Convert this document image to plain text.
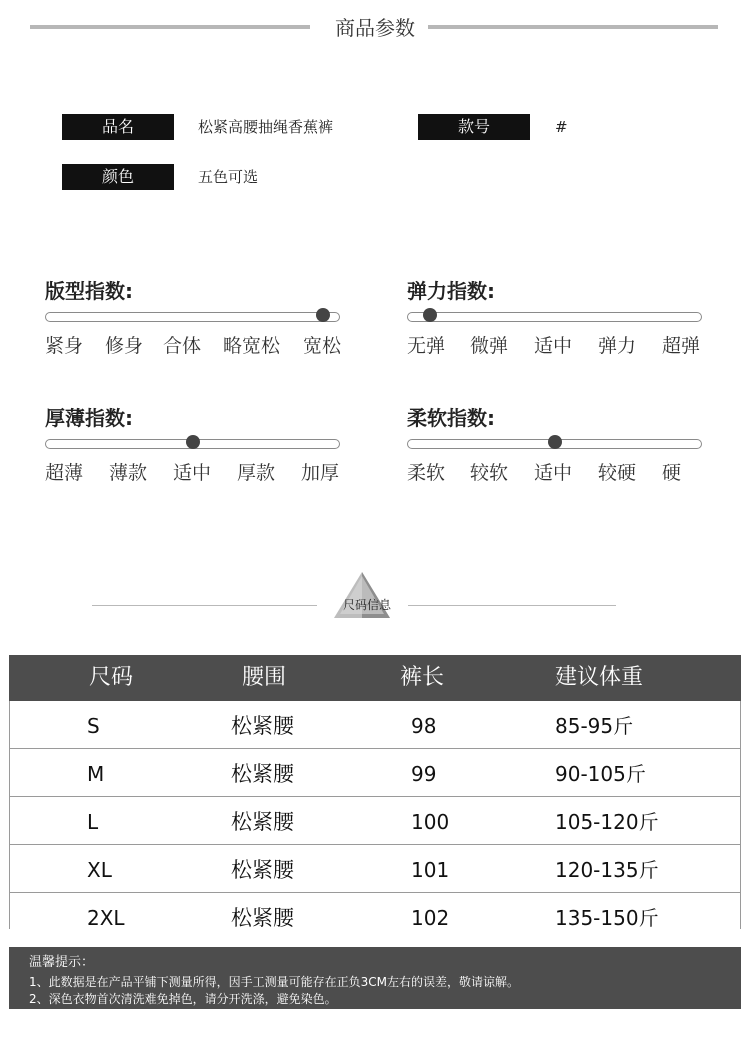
商品参数
品名	松紧高腰抽绳香蕉裤	款号	#
颜色	五色可选
版型指数:
紧身 修身 合体 略宽松 宽松
弹力指数:
无弹 微弹 适中 弹力 超弹
厚薄指数:
超薄 薄款 适中 厚款 加厚
柔软指数:
柔软 较软 适中 较硬 硬
尺码信息
尺码	腰围	裤长	建议体重
S	松紧腰	98	85-95斤
M	松紧腰	99	90-105斤
L	松紧腰	100	105-120斤
XL	松紧腰	101	120-135斤
2XL	松紧腰	102	135-150斤
温馨提示：
1、此数据是在产品平铺下测量所得，因手工测量可能存在正负3CM左右的误差，敬请谅解。
2、深色衣物首次清洗难免掉色，请分开洗涤，避免染色。
